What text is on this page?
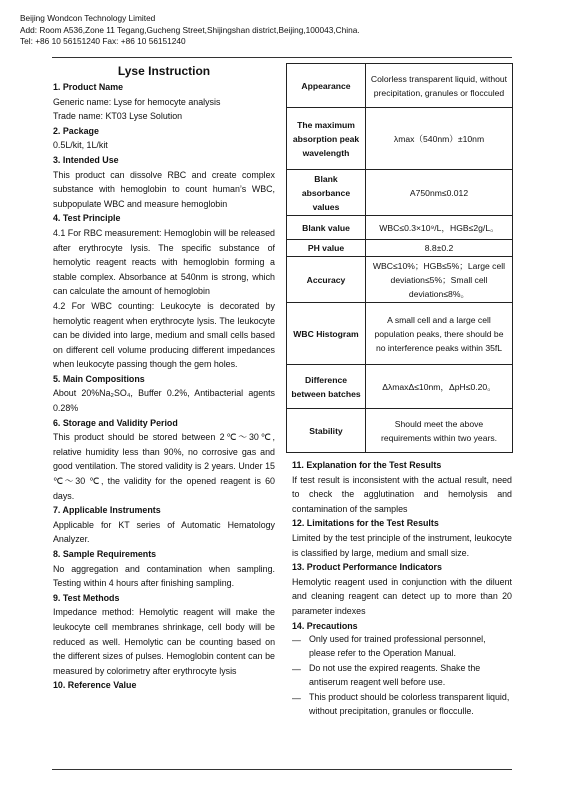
Beijing Wondcon Technology Limited
Add: Room A536,Zone 11 Tegang,Gucheng Street,Shijingshan district,Beijing,100043,China.
Tel: +86 10 56151240 Fax: +86 10 56151240
Lyse Instruction
1. Product Name
Generic name: Lyse for hemocyte analysis
Trade name: KT03 Lyse Solution
2. Package
0.5L/kit, 1L/kit
3. Intended Use
This product can dissolve RBC and create complex substance with hemoglobin to count human’s WBC, subpopulate WBC and measure hemoglobin
4. Test Principle
4.1 For RBC measurement: Hemoglobin will be released after erythrocyte lysis. The specific substance of hemolytic reagent reacts with hemoglobin forming a stable complex. Absorbance at 540nm is strong, which can calculate the amount of hemoglobin
4.2 For WBC counting: Leukocyte is decorated by hemolytic reagent when erythrocyte lysis. The leukocyte can be divided into large, medium and small cells based on different cell volume producing different impedances when leukocyte passing though the gem holes.
5. Main Compositions
About 20%Na₂SO₄, Buffer 0.2%, Antibacterial agents 0.28%
6. Storage and Validity Period
This product should be stored between 2℃～30℃, relative humidity less than 90%, no corrosive gas and good ventilation. The stored validity is 2 years. Under 15 ℃～30 ℃, the validity for the opened reagent is 60 days.
7. Applicable Instruments
Applicable for KT series of Automatic Hematology Analyzer.
8. Sample Requirements
No aggregation and contamination when sampling. Testing within 4 hours after finishing sampling.
9. Test Methods
Impedance method: Hemolytic reagent will make the leukocyte cell membranes shrinkage, cell body will be reduced as well. Hemolytic can be counting based on the different sizes of pulses. Hemoglobin content can be measured by colorimetry after erythrocyte lysis
10. Reference Value
Appearance	Colorless transparent liquid, without precipitation, granules or flocculed
The maximum absorption peak wavelength	λmax（540nm）±10nm
Blank absorbance values	A750nm≤0.012
Blank value	WBC≤0.3×10⁹/L，HGB≤2g/L。
PH value	8.8±0.2
Accuracy	WBC≤10%；HGB≤5%；Large cell deviation≤5%；Small cell deviation≤8%。
WBC Histogram	A small cell and a large cell population peaks, there should be no interference peaks within 35fL
Difference between batches	ΔλmaxΔ≤10nm，ΔpH≤0.20。
Stability	Should meet the above requirements within two years.
11. Explanation for the Test Results
If test result is inconsistent with the actual result, need to check the agglutination and hemolysis and contamination of the samples
12. Limitations for the Test Results
Limited by the test principle of the instrument, leukocyte is classified by large, medium and small size.
13. Product Performance Indicators
Hemolytic reagent used in conjunction with the diluent and cleaning reagent can detect up to more than 20 parameter indexes
14. Precautions
— Only used for trained professional personnel, please refer to the Operation Manual.
— Do not use the expired reagents. Shake the antiserum reagent well before use.
— This product should be colorless transparent liquid, without precipitation, granules or flocculle.
